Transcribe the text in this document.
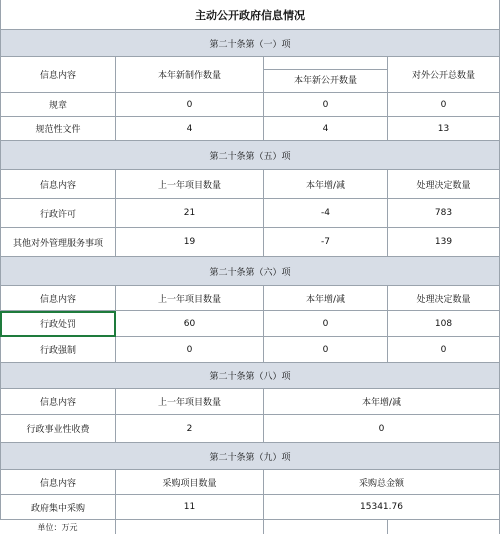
主动公开政府信息情况
第二十条第（一）项
信息内容	本年新制作数量	本年新公开数量	对外公开总数量
规章	0	0	0
规范性文件	4	4	13
第二十条第（五）项
信息内容	上一年项目数量	本年增/减	处理决定数量
行政许可	21	-4	783
其他对外管理服务事项	19	-7	139
第二十条第（六）项
信息内容	上一年项目数量	本年增/减	处理决定数量
行政处罚	60	0	108
行政强制	0	0	0
第二十条第（八）项
信息内容	上一年项目数量	本年增/减
行政事业性收费	2	0
第二十条第（九）项
信息内容	采购项目数量	采购总金额
政府集中采购	11	15341.76
单位：万元
